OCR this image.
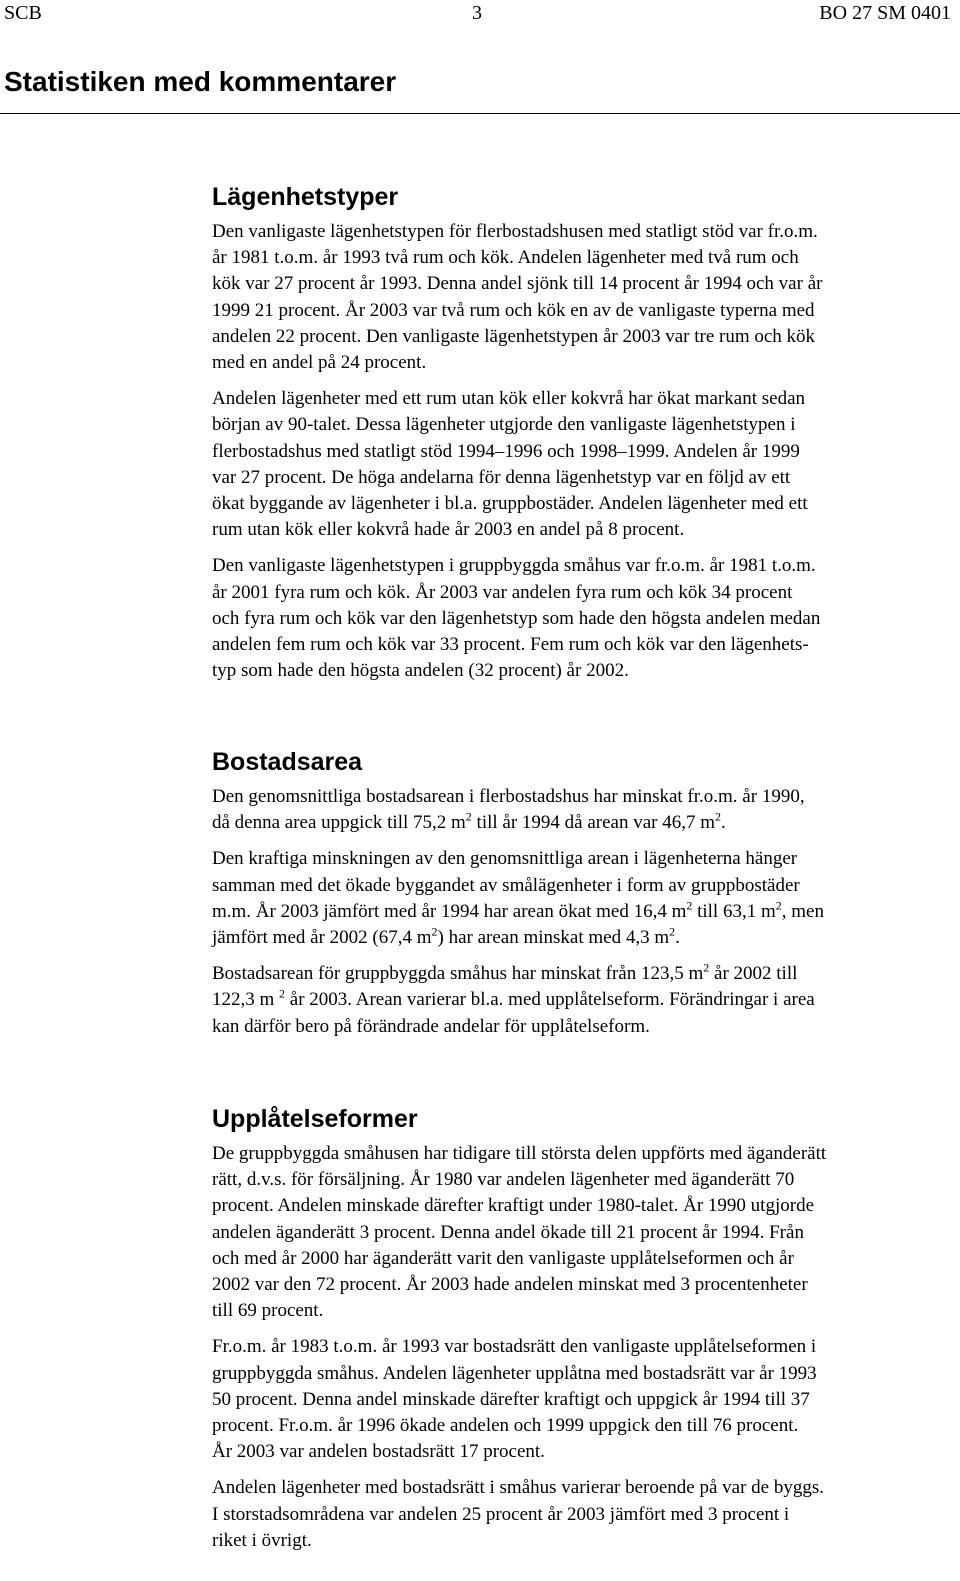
SCB	3	BO 27 SM 0401
Statistiken med kommentarer
Lägenhetstyper

Den vanligaste lägenhetstypen för flerbostadshusen med statligt stöd var fr.o.m.
år 1981 t.o.m. år 1993 två rum och kök. Andelen lägenheter med två rum och
kök var 27 procent år 1993. Denna andel sjönk till 14 procent år 1994 och var år
1999 21 procent. År 2003 var två rum och kök en av de vanligaste typerna med
andelen 22 procent. Den vanligaste lägenhetstypen år 2003 var tre rum och kök
med en andel på 24 procent.

Andelen lägenheter med ett rum utan kök eller kokvrå har ökat markant sedan
början av 90-talet. Dessa lägenheter utgjorde den vanligaste lägenhetstypen i
flerbostadshus med statligt stöd 1994–1996 och 1998–1999. Andelen år 1999
var 27 procent. De höga andelarna för denna lägenhetstyp var en följd av ett
ökat byggande av lägenheter i bl.a. gruppbostäder. Andelen lägenheter med ett
rum utan kök eller kokvrå hade år 2003 en andel på 8 procent.

Den vanligaste lägenhetstypen i gruppbyggda småhus var fr.o.m. år 1981 t.o.m.
år 2001 fyra rum och kök. År 2003 var andelen fyra rum och kök 34 procent
och fyra rum och kök var den lägenhetstyp som hade den högsta andelen medan
andelen fem rum och kök var 33 procent. Fem rum och kök var den lägenhets-
typ som hade den högsta andelen (32 procent) år 2002.

Bostadsarea

Den genomsnittliga bostadsarean i flerbostadshus har minskat fr.o.m. år 1990,
då denna area uppgick till 75,2 $m^2$ till år 1994 då arean var 46,7 $m^2$.

Den kraftiga minskningen av den genomsnittliga arean i lägenheterna hänger
samman med det ökade byggandet av smålägenheter i form av gruppbostäder
m.m. År 2003 jämfört med år 1994 har arean ökat med 16,4 $m^2$ till 63,1 $m^2$, men
jämfört med år 2002 (67,4 $m^2$) har arean minskat med 4,3 $m^2$.

Bostadsarean för gruppbyggda småhus har minskat från 123,5 $m^2$ år 2002 till
122,3 m $^2$ år 2003. Arean varierar bl.a. med upplåtelseform. Förändringar i area
kan därför bero på förändrade andelar för upplåtelseform.

Upplåtelseformer

De gruppbyggda småhusen har tidigare till största delen uppförts med äganderätt
rätt, d.v.s. för försäljning. År 1980 var andelen lägenheter med äganderätt 70
procent. Andelen minskade därefter kraftigt under 1980-talet. År 1990 utgjorde
andelen äganderätt 3 procent. Denna andel ökade till 21 procent år 1994. Från
och med år 2000 har äganderätt varit den vanligaste upplåtelseformen och år
2002 var den 72 procent. År 2003 hade andelen minskat med 3 procentenheter
till 69 procent.

Fr.o.m. år 1983 t.o.m. år 1993 var bostadsrätt den vanligaste upplåtelseformen i
gruppbyggda småhus. Andelen lägenheter upplåtna med bostadsrätt var år 1993
50 procent. Denna andel minskade därefter kraftigt och uppgick år 1994 till 37
procent. Fr.o.m. år 1996 ökade andelen och 1999 uppgick den till 76 procent.
År 2003 var andelen bostadsrätt 17 procent.

Andelen lägenheter med bostadsrätt i småhus varierar beroende på var de byggs.
I storstadsområdena var andelen 25 procent år 2003 jämfört med 3 procent i
riket i övrigt.
